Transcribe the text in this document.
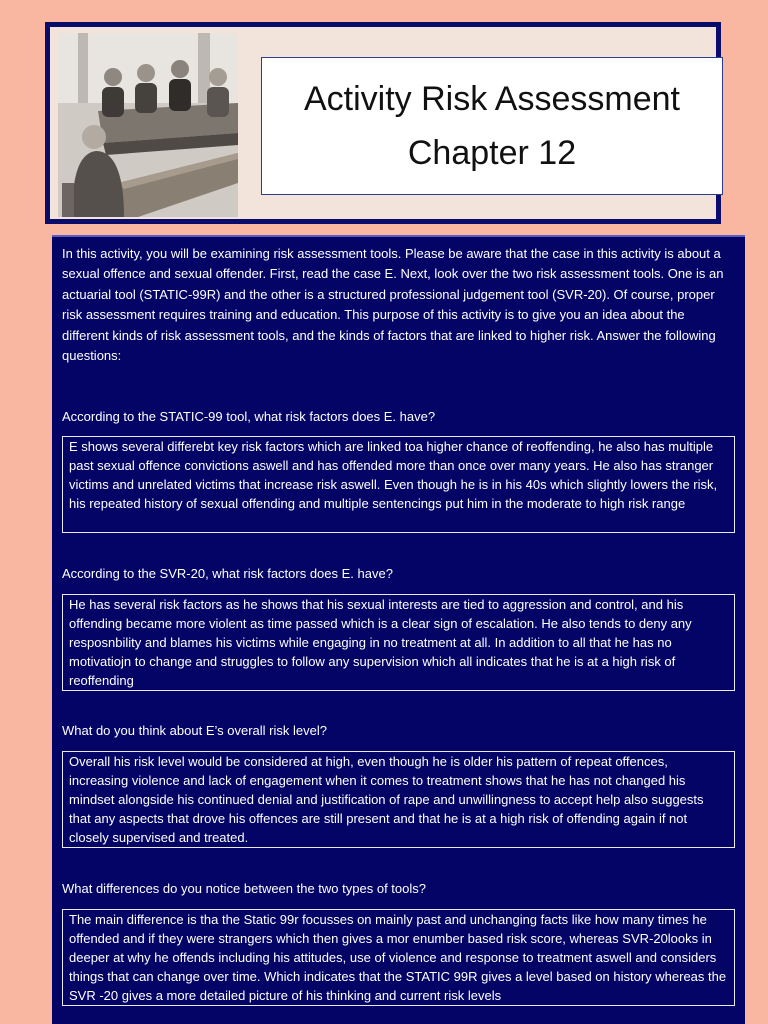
Activity Risk Assessment
Chapter 12

In this activity, you will be examining risk assessment tools. Please be aware that the case in this activity is about a sexual offence and sexual offender. First, read the case E. Next, look over the two risk assessment tools. One is an actuarial tool (STATIC-99R) and the other is a structured professional judgement tool (SVR-20). Of course, proper risk assessment requires training and education. This purpose of this activity is to give you an idea about the different kinds of risk assessment tools, and the kinds of factors that are linked to higher risk. Answer the following questions:

According to the STATIC-99 tool, what risk factors does E. have?

E shows several differebt key risk factors which are linked toa higher chance of reoffending, he also has multiple past sexual offence convictions aswell and has offended more than once over many years. He also has stranger victims and unrelated victims that increase risk aswell. Even though he is in his 40s which slightly lowers the risk, his repeated history of sexual offending and multiple sentencings put him in the moderate to high risk range

According to the SVR-20, what risk factors does E. have?

He has several risk factors as he shows that his sexual interests are tied to aggression and control, and his offending became more violent as time passed which is a clear sign of escalation. He also tends to deny any resposnbility and blames his victims while engaging in no treatment at all. In addition to all that he has no motivatiojn to change and struggles to follow any supervision which all indicates that he is at a high risk of reoffending

What do you think about E’s overall risk level?

Overall his risk level would be considered at high, even though he is older his pattern of repeat offences, increasing violence and lack of engagement when it comes to treatment shows that he has not changed his mindset alongside his continued denial and justification of rape and unwillingness to accept help also suggests that any aspects that drove his offences are still present and that he is at a high risk of offending again if not closely supervised and treated.

What differences do you notice between the two types of tools?

The main difference is tha the Static 99r focusses on mainly past and unchanging facts like how many times he offended and if they were strangers which then gives a mor enumber based risk score, whereas SVR-20looks in deeper at why he offends including his attitudes, use of violence and response to treatment aswell and considers things that can change over time. Which indicates that the STATIC 99R gives a level based on history whereas the SVR -20 gives a more detailed picture of his thinking and current risk levels
